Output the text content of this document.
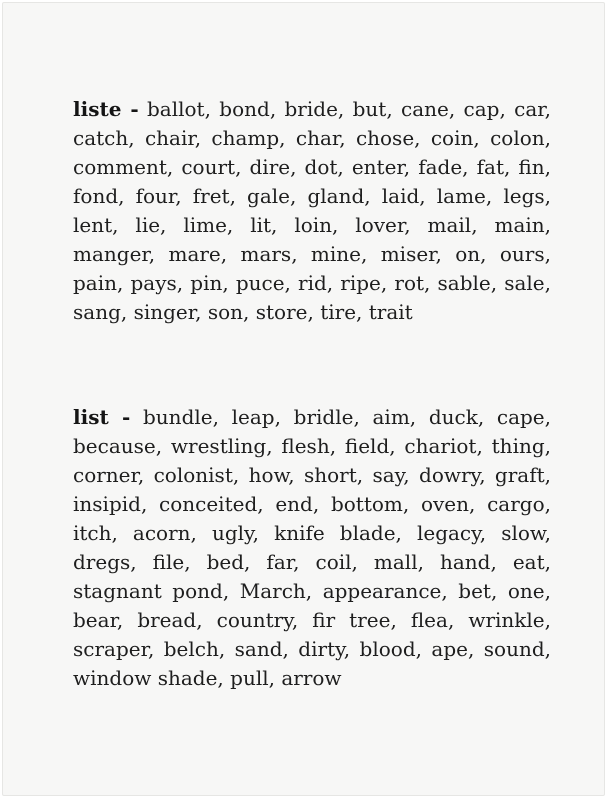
liste - ballot, bond, bride, but, cane, cap, car, catch, chair, champ, char, chose, coin, colon, comment, court, dire, dot, enter, fade, fat, fin, fond, four, fret, gale, gland, laid, lame, legs, lent, lie, lime, lit, loin, lover, mail, main, manger, mare, mars, mine, miser, on, ours, pain, pays, pin, puce, rid, ripe, rot, sable, sale, sang, singer, son, store, tire, trait
list - bundle, leap, bridle, aim, duck, cape, because, wrestling, flesh, field, chariot, thing, corner, colonist, how, short, say, dowry, graft, insipid, conceited, end, bottom, oven, cargo, itch, acorn, ugly, knife blade, legacy, slow, dregs, file, bed, far, coil, mall, hand, eat, stagnant pond, March, appearance, bet, one, bear, bread, country, fir tree, flea, wrinkle, scraper, belch, sand, dirty, blood, ape, sound, window shade, pull, arrow
